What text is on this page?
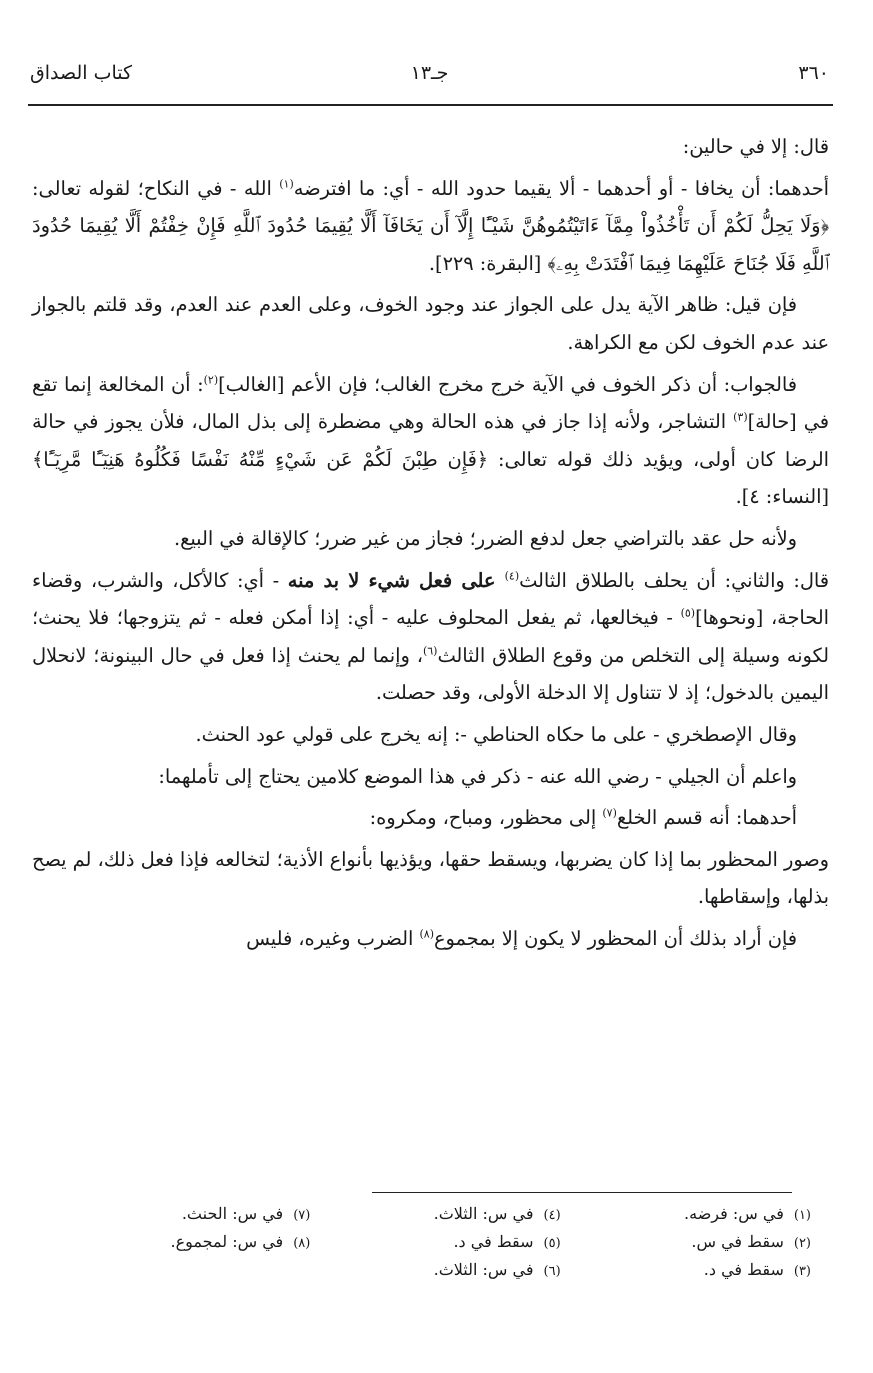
٣٦٠
جـ١٣
كتاب الصداق

قال: إلا في حالين:

أحدهما: أن يخافا - أو أحدهما - ألا يقيما حدود الله - أي: ما افترضه$^{(١)}$ الله - في النكاح؛ لقوله تعالى: ﴿وَلَا يَحِلُّ لَكُمْ أَن تَأْخُذُواْ مِمَّآ ءَاتَيْتُمُوهُنَّ شَيْـًٔا إِلَّآ أَن يَخَافَآ أَلَّا يُقِيمَا حُدُودَ ٱللَّهِ فَإِنْ خِفْتُمْ أَلَّا يُقِيمَا حُدُودَ ٱللَّهِ فَلَا جُنَاحَ عَلَيْهِمَا فِيمَا ٱفْتَدَتْ بِهِۦ﴾ [البقرة: ٢٢٩].

فإن قيل: ظاهر الآية يدل على الجواز عند وجود الخوف، وعلى العدم عند العدم، وقد قلتم بالجواز عند عدم الخوف لكن مع الكراهة.

فالجواب: أن ذكر الخوف في الآية خرج مخرج الغالب؛ فإن الأعم [الغالب]$^{(٢)}$: أن المخالعة إنما تقع في [حالة]$^{(٣)}$ التشاجر، ولأنه إذا جاز في هذه الحالة وهي مضطرة إلى بذل المال، فلأن يجوز في حالة الرضا كان أولى، ويؤيد ذلك قوله تعالى: ﴿فَإِن طِبْنَ لَكُمْ عَن شَيْءٍ مِّنْهُ نَفْسًا فَكُلُوهُ هَنِيٓـًٔا مَّرِيٓـًٔا﴾ [النساء: ٤].

ولأنه حل عقد بالتراضي جعل لدفع الضرر؛ فجاز من غير ضرر؛ كالإقالة في البيع.

قال: والثاني: أن يحلف بالطلاق الثالث$^{(٤)}$ على فعل شيء لا بد منه - أي: كالأكل، والشرب، وقضاء الحاجة، [ونحوها]$^{(٥)}$ - فيخالعها، ثم يفعل المحلوف عليه - أي: إذا أمكن فعله - ثم يتزوجها؛ فلا يحنث؛ لكونه وسيلة إلى التخلص من وقوع الطلاق الثالث$^{(٦)}$، وإنما لم يحنث إذا فعل في حال البينونة؛ لانحلال اليمين بالدخول؛ إذ لا تتناول إلا الدخلة الأولى، وقد حصلت.

وقال الإصطخري - على ما حكاه الحناطي -: إنه يخرج على قولي عود الحنث.

واعلم أن الجيلي - رضي الله عنه - ذكر في هذا الموضع كلامين يحتاج إلى تأملهما:

أحدهما: أنه قسم الخلع$^{(٧)}$ إلى محظور، ومباح، ومكروه:

وصور المحظور بما إذا كان يضربها، ويسقط حقها، ويؤذيها بأنواع الأذية؛ لتخالعه فإذا فعل ذلك، لم يصح بذلها، وإسقاطها.

فإن أراد بذلك أن المحظور لا يكون إلا بمجموع$^{(٨)}$ الضرب وغيره، فليس

(١)في س: فرضه.
(٢)سقط في س.
(٣)سقط في د.
(٤)في س: الثلاث.
(٥)سقط في د.
(٦)في س: الثلاث.
(٧)في س: الحنث.
(٨)في س: لمجموع.
